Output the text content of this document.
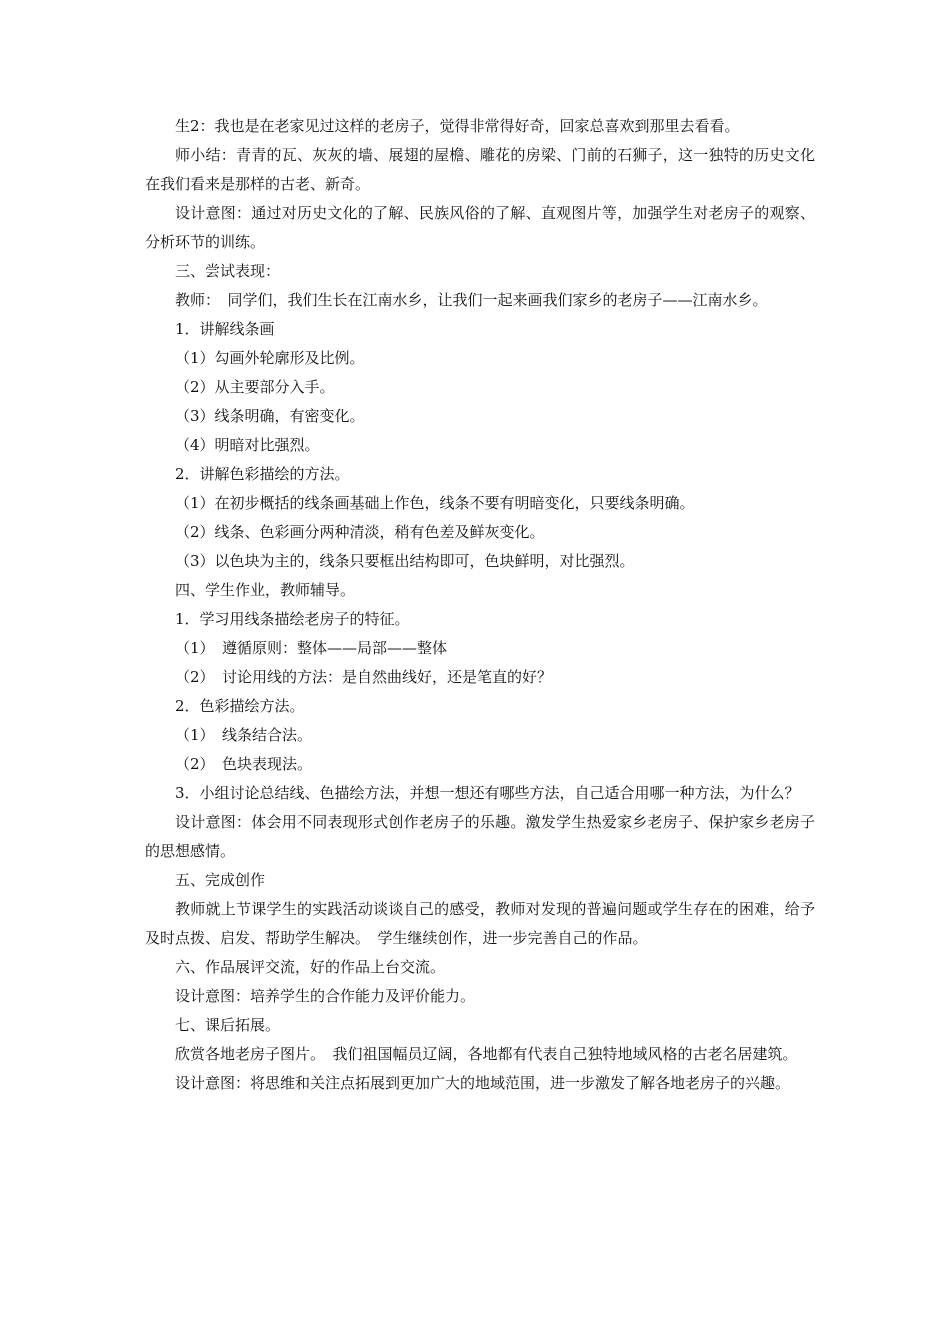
生2：我也是在老家见过这样的老房子，觉得非常得好奇，回家总喜欢到那里去看看。

师小结：青青的瓦、灰灰的墙、展翅的屋檐、雕花的房梁、门前的石狮子，这一独特的历史文化在我们看来是那样的古老、新奇。

设计意图：通过对历史文化的了解、民族风俗的了解、直观图片等，加强学生对老房子的观察、分析环节的训练。

三、尝试表现：

教师：　同学们，我们生长在江南水乡，让我们一起来画我们家乡的老房子——江南水乡。

1．讲解线条画

（1）勾画外轮廓形及比例。

（2）从主要部分入手。

（3）线条明确，有密变化。

（4）明暗对比强烈。

2．讲解色彩描绘的方法。

（1）在初步概括的线条画基础上作色，线条不要有明暗变化，只要线条明确。

（2）线条、色彩画分两种清淡，稍有色差及鲜灰变化。

（3）以色块为主的，线条只要框出结构即可，色块鲜明，对比强烈。

四、学生作业，教师辅导。

1．学习用线条描绘老房子的特征。

（1）　遵循原则：整体——局部——整体

（2）　讨论用线的方法：是自然曲线好，还是笔直的好？

2．色彩描绘方法。

（1）　线条结合法。

（2）　色块表现法。

3．小组讨论总结线、色描绘方法，并想一想还有哪些方法，自己适合用哪一种方法，为什么？

设计意图：体会用不同表现形式创作老房子的乐趣。激发学生热爱家乡老房子、保护家乡老房子的思想感情。

五、完成创作

教师就上节课学生的实践活动谈谈自己的感受，教师对发现的普遍问题或学生存在的困难，给予及时点拨、启发、帮助学生解决。　学生继续创作，进一步完善自己的作品。

六、作品展评交流，好的作品上台交流。

设计意图：培养学生的合作能力及评价能力。

七、课后拓展。

欣赏各地老房子图片。　我们祖国幅员辽阔，各地都有代表自己独特地域风格的古老名居建筑。

设计意图：将思维和关注点拓展到更加广大的地域范围，进一步激发了解各地老房子的兴趣。
